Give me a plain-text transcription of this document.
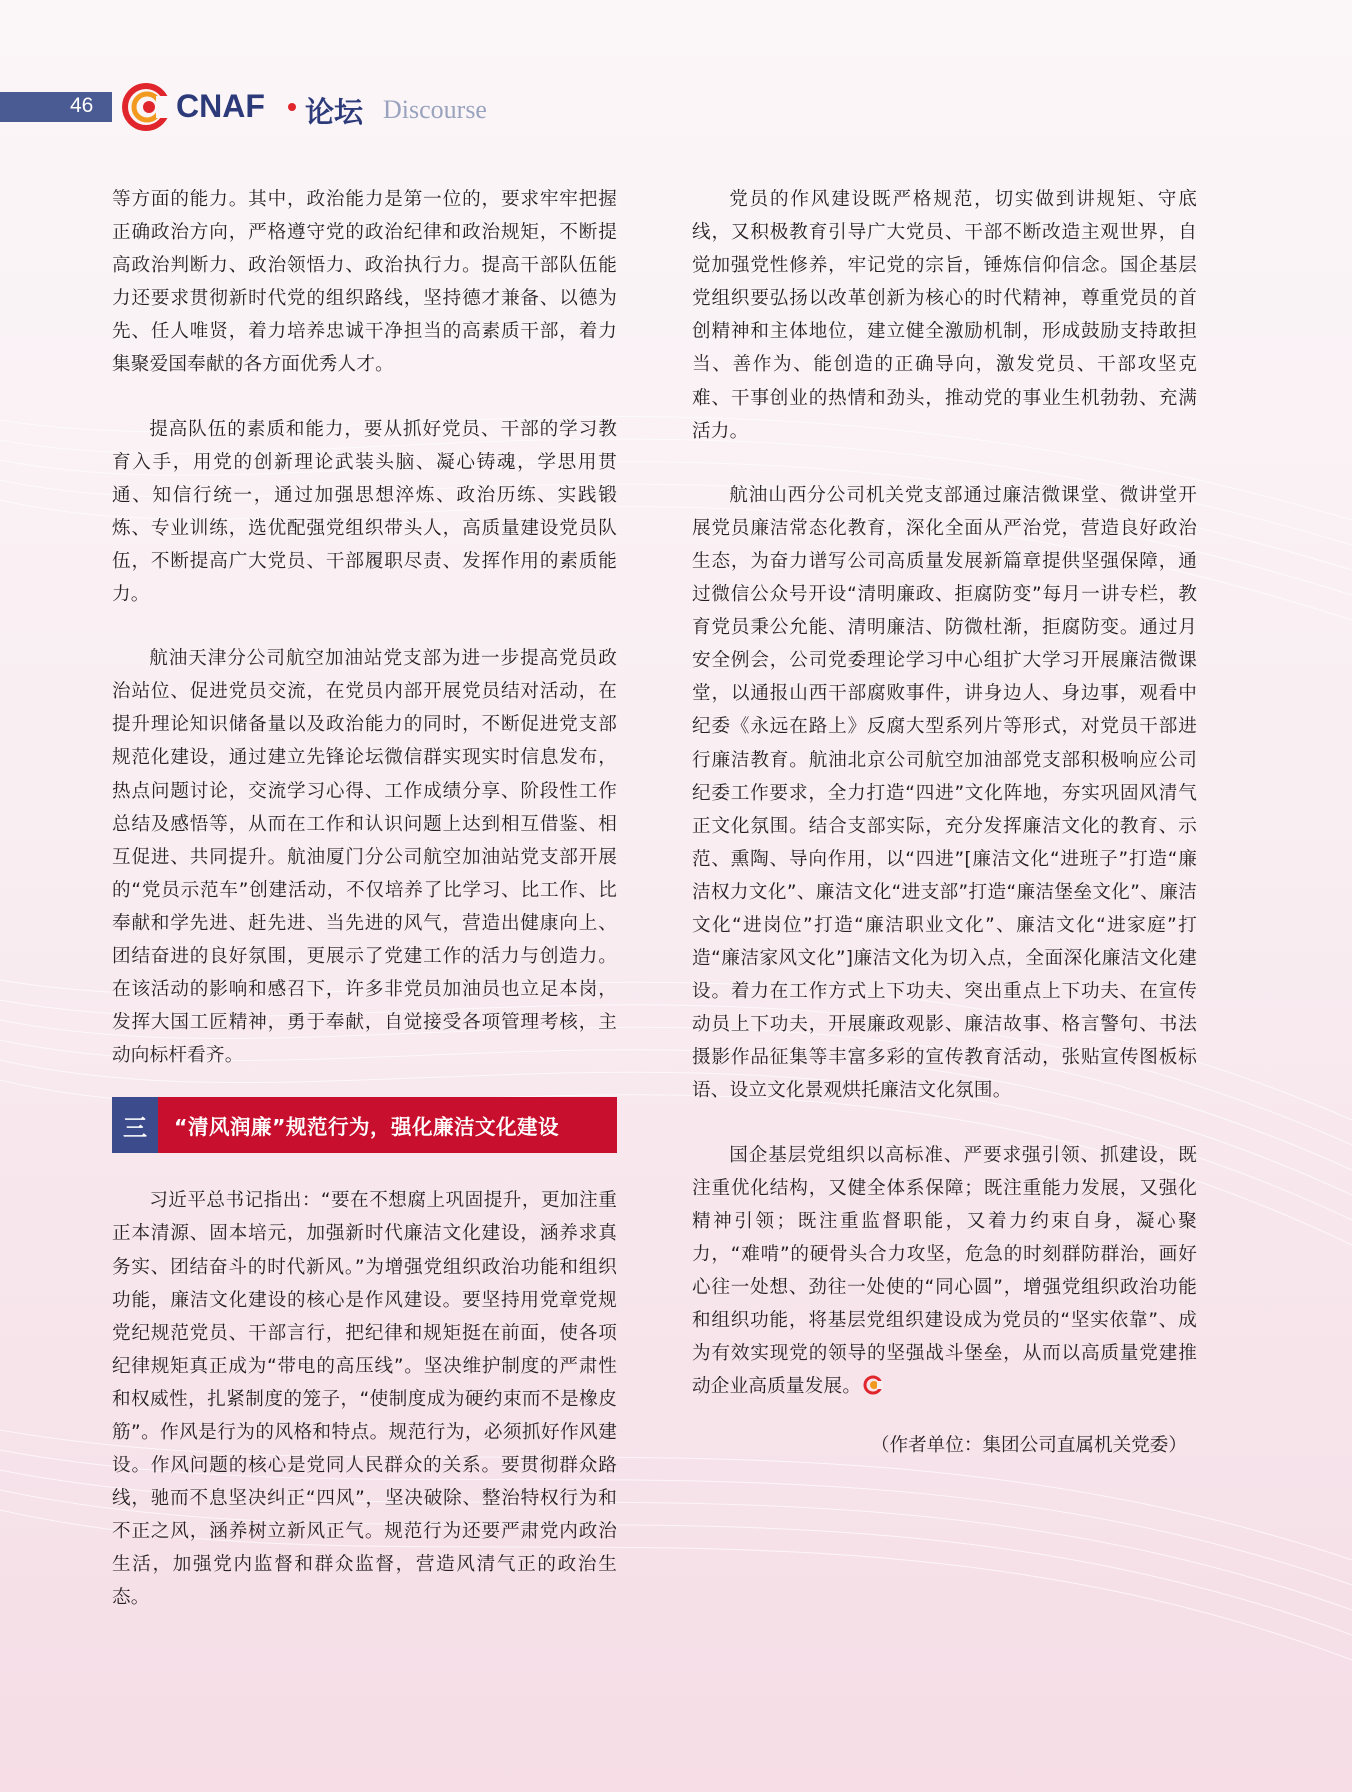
46	CNAF 论坛 Discourse

等方面的能力。其中，政治能力是第一位的，要求牢牢把握正确政治方向，严格遵守党的政治纪律和政治规矩，不断提高政治判断力、政治领悟力、政治执行力。提高干部队伍能力还要求贯彻新时代党的组织路线，坚持德才兼备、以德为先、任人唯贤，着力培养忠诚干净担当的高素质干部，着力集聚爱国奉献的各方面优秀人才。

提高队伍的素质和能力，要从抓好党员、干部的学习教育入手，用党的创新理论武装头脑、凝心铸魂，学思用贯通、知信行统一，通过加强思想淬炼、政治历练、实践锻炼、专业训练，选优配强党组织带头人，高质量建设党员队伍，不断提高广大党员、干部履职尽责、发挥作用的素质能力。

航油天津分公司航空加油站党支部为进一步提高党员政治站位、促进党员交流，在党员内部开展党员结对活动，在提升理论知识储备量以及政治能力的同时，不断促进党支部规范化建设，通过建立先锋论坛微信群实现实时信息发布，热点问题讨论，交流学习心得、工作成绩分享、阶段性工作总结及感悟等，从而在工作和认识问题上达到相互借鉴、相互促进、共同提升。航油厦门分公司航空加油站党支部开展的“党员示范车”创建活动，不仅培养了比学习、比工作、比奉献和学先进、赶先进、当先进的风气，营造出健康向上、团结奋进的良好氛围，更展示了党建工作的活力与创造力。在该活动的影响和感召下，许多非党员加油员也立足本岗，发挥大国工匠精神，勇于奉献，自觉接受各项管理考核，主动向标杆看齐。

三	“清风润廉”规范行为，强化廉洁文化建设

习近平总书记指出：“要在不想腐上巩固提升，更加注重正本清源、固本培元，加强新时代廉洁文化建设，涵养求真务实、团结奋斗的时代新风。”为增强党组织政治功能和组织功能，廉洁文化建设的核心是作风建设。要坚持用党章党规党纪规范党员、干部言行，把纪律和规矩挺在前面，使各项纪律规矩真正成为“带电的高压线”。坚决维护制度的严肃性和权威性，扎紧制度的笼子，“使制度成为硬约束而不是橡皮筋”。作风是行为的风格和特点。规范行为，必须抓好作风建设。作风问题的核心是党同人民群众的关系。要贯彻群众路线，驰而不息坚决纠正“四风”，坚决破除、整治特权行为和不正之风，涵养树立新风正气。规范行为还要严肃党内政治生活，加强党内监督和群众监督，营造风清气正的政治生态。

党员的作风建设既严格规范，切实做到讲规矩、守底线，又积极教育引导广大党员、干部不断改造主观世界，自觉加强党性修养，牢记党的宗旨，锤炼信仰信念。国企基层党组织要弘扬以改革创新为核心的时代精神，尊重党员的首创精神和主体地位，建立健全激励机制，形成鼓励支持敢担当、善作为、能创造的正确导向，激发党员、干部攻坚克难、干事创业的热情和劲头，推动党的事业生机勃勃、充满活力。

航油山西分公司机关党支部通过廉洁微课堂、微讲堂开展党员廉洁常态化教育，深化全面从严治党，营造良好政治生态，为奋力谱写公司高质量发展新篇章提供坚强保障，通过微信公众号开设“清明廉政、拒腐防变”每月一讲专栏，教育党员秉公允能、清明廉洁、防微杜渐，拒腐防变。通过月安全例会，公司党委理论学习中心组扩大学习开展廉洁微课堂，以通报山西干部腐败事件，讲身边人、身边事，观看中纪委《永远在路上》反腐大型系列片等形式，对党员干部进行廉洁教育。航油北京公司航空加油部党支部积极响应公司纪委工作要求，全力打造“四进”文化阵地，夯实巩固风清气正文化氛围。结合支部实际，充分发挥廉洁文化的教育、示范、熏陶、导向作用，以“四进”[廉洁文化“进班子”打造“廉洁权力文化”、廉洁文化“进支部”打造“廉洁堡垒文化”、廉洁文化“进岗位”打造“廉洁职业文化”、廉洁文化“进家庭”打造“廉洁家风文化”]廉洁文化为切入点，全面深化廉洁文化建设。着力在工作方式上下功夫、突出重点上下功夫、在宣传动员上下功夫，开展廉政观影、廉洁故事、格言警句、书法摄影作品征集等丰富多彩的宣传教育活动，张贴宣传图板标语、设立文化景观烘托廉洁文化氛围。

国企基层党组织以高标准、严要求强引领、抓建设，既注重优化结构，又健全体系保障；既注重能力发展，又强化精神引领；既注重监督职能，又着力约束自身，凝心聚力，“难啃”的硬骨头合力攻坚，危急的时刻群防群治，画好心往一处想、劲往一处使的“同心圆”，增强党组织政治功能和组织功能，将基层党组织建设成为党员的“坚实依靠”、成为有效实现党的领导的坚强战斗堡垒，从而以高质量党建推动企业高质量发展。

（作者单位：集团公司直属机关党委）
